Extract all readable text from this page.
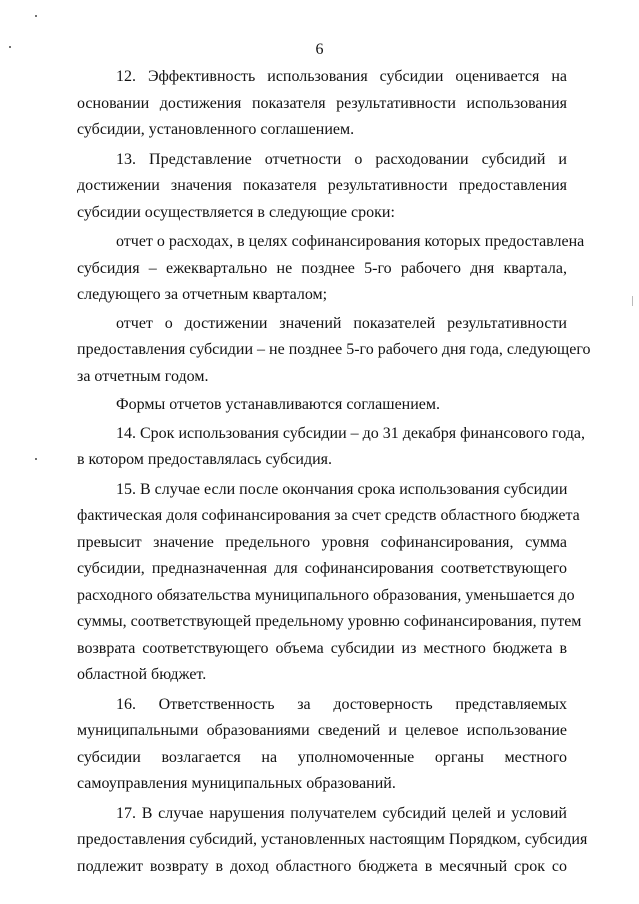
6
12. Эффективность использования субсидии оценивается на
основании достижения показателя результативности использования
субсидии, установленного соглашением.
13. Представление отчетности о расходовании субсидий и
достижении значения показателя результативности предоставления
субсидии осуществляется в следующие сроки:
отчет о расходах, в целях софинансирования которых предоставлена
субсидия – ежеквартально не позднее 5-го рабочего дня квартала,
следующего за отчетным кварталом;
отчет о достижении значений показателей результативности
предоставления субсидии – не позднее 5-го рабочего дня года, следующего
за отчетным годом.
Формы отчетов устанавливаются соглашением.
14. Срок использования субсидии – до 31 декабря финансового года,
в котором предоставлялась субсидия.
15. В случае если после окончания срока использования субсидии
фактическая доля софинансирования за счет средств областного бюджета
превысит значение предельного уровня софинансирования, сумма
субсидии, предназначенная для софинансирования соответствующего
расходного обязательства муниципального образования, уменьшается до
суммы, соответствующей предельному уровню софинансирования, путем
возврата соответствующего объема субсидии из местного бюджета в
областной бюджет.
16. Ответственность за достоверность представляемых
муниципальными образованиями сведений и целевое использование
субсидии возлагается на уполномоченные органы местного
самоуправления муниципальных образований.
17. В случае нарушения получателем субсидий целей и условий
предоставления субсидий, установленных настоящим Порядком, субсидия
подлежит возврату в доход областного бюджета в месячный срок со
